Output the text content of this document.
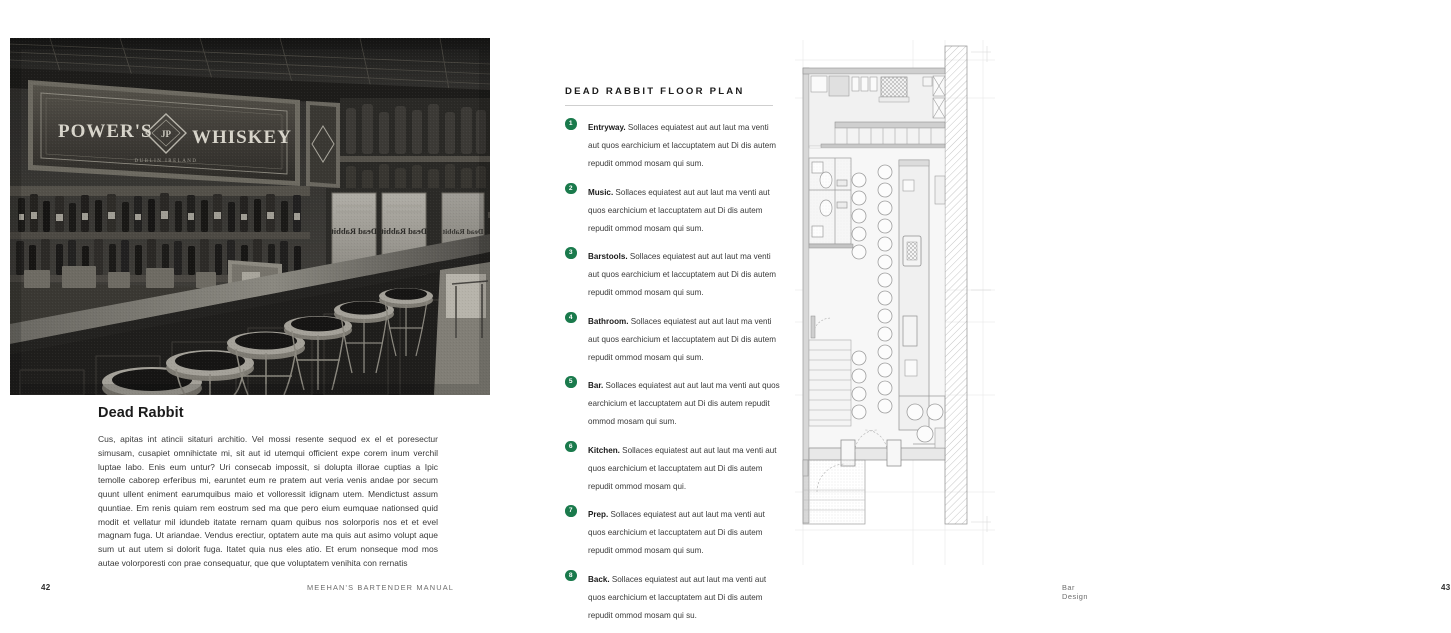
Dead Rabbit
Cus, apitas int atincii sitaturi architio. Vel mossi resente sequod ex el et poresectur simusam, cusapiet omnihictate mi, sit aut id utemqui officient expe corem inum verchil luptae labo. Enis eum untur? Uri consecab impossit, si dolupta illorae cuptias a Ipic temolle caborep erferibus mi, earuntet eum re pratem aut veria venis andae por secum quunt ullent eniment earumquibus maio et volloressit idignam utem. Mendictust assum quuntiae. Em renis quiam rem eostrum sed ma que pero eium eumquae nationsed quid modit et vellatur mil idundeb itatate rernam quam quibus nos solorporis nos et et evel magnam fuga. Ut ariandae. Vendus erectiur, optatem aute ma quis aut asimo volupt aque sum ut aut utem si dolorit fuga. Itatet quia nus eles atio. Et erum nonseque mod mos autae volorporesti con prae consequatur, que que voluptatem venihita con rernatis
42	MEEHAN'S BARTENDER MANUAL
DEAD RABBIT FLOOR PLAN
1	Entryway. Sollaces equiatest aut aut laut ma venti aut quos earchicium et laccuptatem aut Di dis autem repudit ommod mosam qui sum.
2	Music. Sollaces equiatest aut aut laut ma venti aut quos earchicium et laccuptatem aut Di dis autem repudit ommod mosam qui sum.
3	Barstools. Sollaces equiatest aut aut laut ma venti aut quos earchicium et laccuptatem aut Di dis autem repudit ommod mosam qui sum.
4	Bathroom. Sollaces equiatest aut aut laut ma venti aut quos earchicium et laccuptatem aut Di dis autem repudit ommod mosam qui sum.
5	Bar. Sollaces equiatest aut aut laut ma venti aut quos earchicium et laccuptatem aut Di dis autem repudit ommod mosam qui sum.
6	Kitchen. Sollaces equiatest aut aut laut ma venti aut quos earchicium et laccuptatem aut Di dis autem repudit ommod mosam qui.
7	Prep. Sollaces equiatest aut aut laut ma venti aut quos earchicium et laccuptatem aut Di dis autem repudit ommod mosam qui sum.
8	Back. Sollaces equiatest aut aut laut ma venti aut quos earchicium et laccuptatem aut Di dis autem repudit ommod mosam qui su.
43
Bar Design
